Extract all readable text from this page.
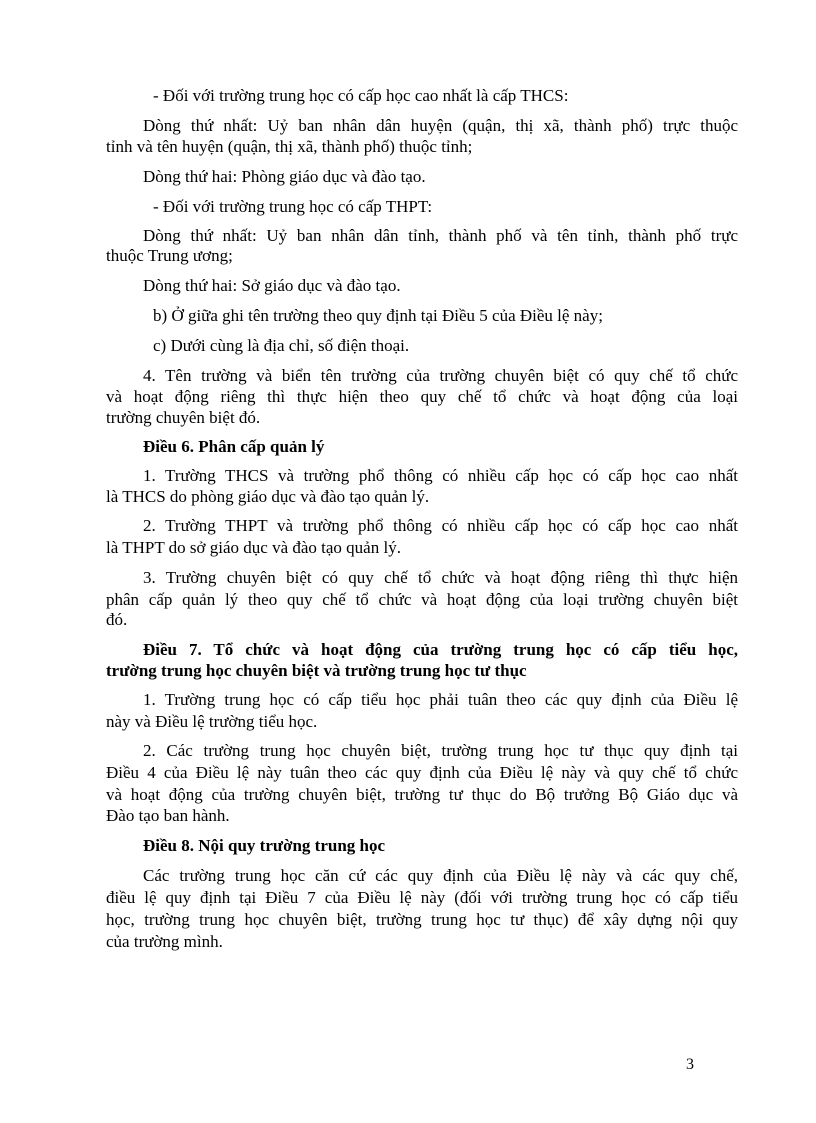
- Đối với trường trung học có cấp học cao nhất là cấp THCS:
Dòng thứ nhất: Uỷ ban nhân dân huyện (quận, thị xã, thành phố) trực thuộc
tỉnh và tên huyện (quận, thị xã, thành phố) thuộc tỉnh;
Dòng thứ hai: Phòng giáo dục và đào tạo.
- Đối với trường trung học có cấp THPT:
Dòng thứ nhất: Uỷ ban nhân dân tỉnh, thành phố và tên tỉnh, thành phố trực
thuộc Trung ương;
Dòng thứ hai: Sở giáo dục và đào tạo.
b) Ở giữa ghi tên trường theo quy định tại Điều 5 của Điều lệ này;
c) Dưới cùng là địa chỉ, số điện thoại.
4. Tên trường và biển tên trường của trường chuyên biệt có quy chế tổ chức
và hoạt động riêng thì thực hiện theo quy chế tổ chức và hoạt động của loại
trường chuyên biệt đó.
Điều 6. Phân cấp quản lý
1. Trường THCS và trường phổ thông có nhiều cấp học có cấp học cao nhất
là THCS do phòng giáo dục và đào tạo quản lý.
2. Trường THPT và trường phổ thông có nhiều cấp học có cấp học cao nhất
là THPT do sở giáo dục và đào tạo quản lý.
3. Trường chuyên biệt có quy chế tổ chức và hoạt động riêng thì thực hiện
phân cấp quản lý theo quy chế tổ chức và hoạt động của loại trường chuyên biệt
đó.
Điều 7. Tổ chức và hoạt động của trường trung học có cấp tiểu học,
trường trung học chuyên biệt và trường trung học tư thục
1. Trường trung học có cấp tiểu học phải tuân theo các quy định của Điều lệ
này và Điều lệ trường tiểu học.
2. Các trường trung học chuyên biệt, trường trung học tư thục quy định tại
Điều 4 của Điều lệ này tuân theo các quy định của Điều lệ này và quy chế tổ chức
và hoạt động của trường chuyên biệt, trường tư thục do Bộ trưởng Bộ Giáo dục và
Đào tạo ban hành.
Điều 8. Nội quy trường trung học
Các trường trung học căn cứ các quy định của Điều lệ này và các quy chế,
điều lệ quy định tại Điều 7 của Điều lệ này (đối với trường trung học có cấp tiểu
học, trường trung học chuyên biệt, trường trung học tư thục) để xây dựng nội quy
của trường mình.
3
